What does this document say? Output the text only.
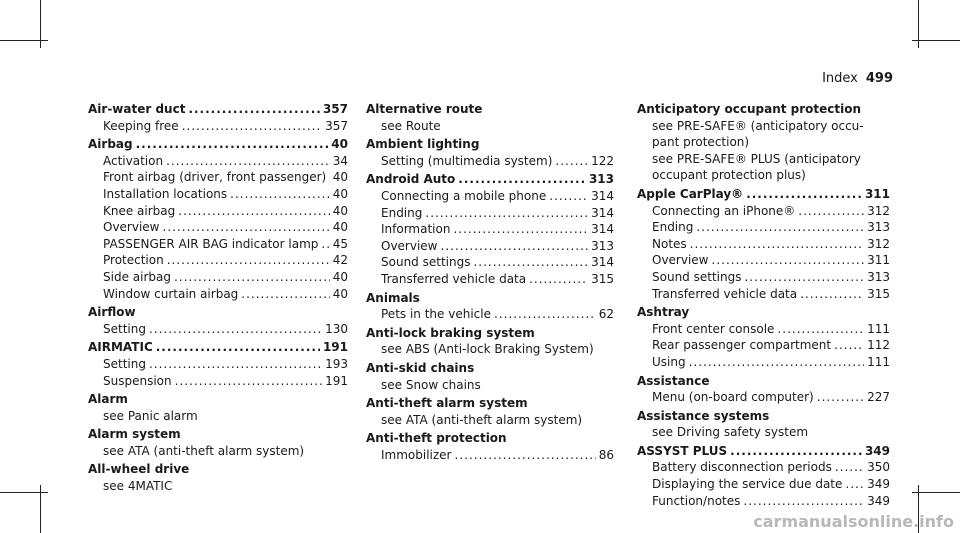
Index 499
Air-water duct .....	357
Keeping free .....	357
Airbag .....	40
Activation .....	34
Front airbag (driver, front passenger) ..... 40
Installation locations .....	40
Knee airbag .....	40
Overview .....	40
PASSENGER AIR BAG indicator lamp ..... 45
Protection .....	42
Side airbag .....	40
Window curtain airbag .....	40
Airflow
Setting .....	130
AIRMATIC .....	191
Setting .....	193
Suspension .....	191
Alarm
see Panic alarm
Alarm system
see ATA (anti-theft alarm system)
All-wheel drive
see 4MATIC
Alternative route
see Route
Ambient lighting
Setting (multimedia system) .....	122
Android Auto .....	313
Connecting a mobile phone .....	314
Ending .....	314
Information .....	314
Overview .....	313
Sound settings .....	314
Transferred vehicle data .....	315
Animals
Pets in the vehicle .....	62
Anti-lock braking system
see ABS (Anti-lock Braking System)
Anti-skid chains
see Snow chains
Anti-theft alarm system
see ATA (anti-theft alarm system)
Anti-theft protection
Immobilizer .....	86
Anticipatory occupant protection
see PRE-SAFE® (anticipatory occu-
pant protection)
see PRE-SAFE® PLUS (anticipatory
occupant protection plus)
Apple CarPlay® .....	311
Connecting an iPhone® .....	312
Ending .....	313
Notes .....	312
Overview .....	311
Sound settings .....	313
Transferred vehicle data .....	315
Ashtray
Front center console .....	111
Rear passenger compartment .....	112
Using .....	111
Assistance
Menu (on-board computer) .....	227
Assistance systems
see Driving safety system
ASSYST PLUS .....	349
Battery disconnection periods .....	350
Displaying the service due date ..... 349
Function/notes .....	349
carmanualsonline.info
